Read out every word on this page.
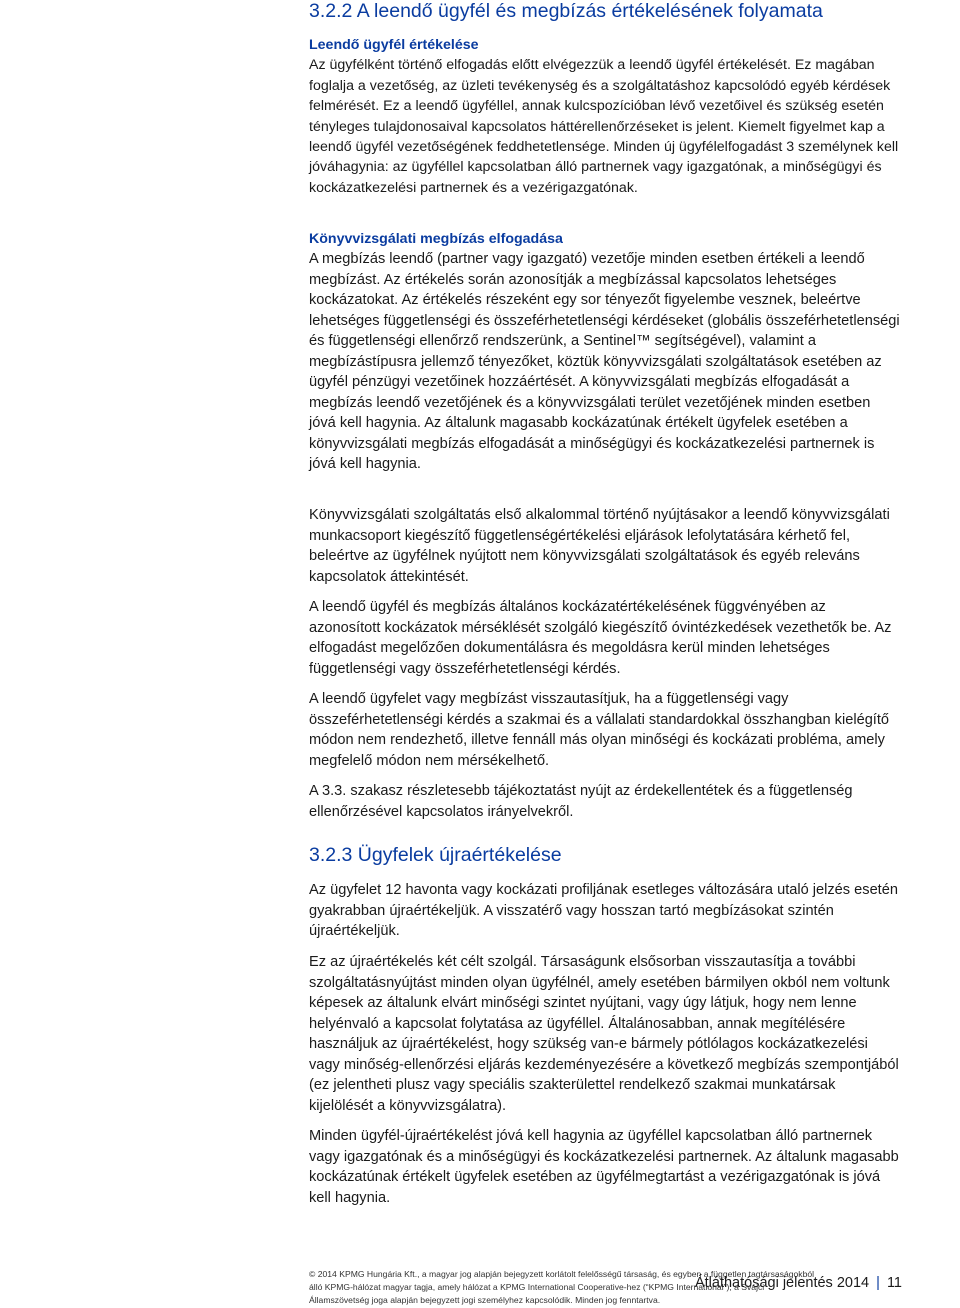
3.2.2 A leendő ügyfél és megbízás értékelésének folyamata

Leendő ügyfél értékelése

Az ügyfélként történő elfogadás előtt elvégezzük a leendő ügyfél értékelését. Ez magában foglalja a vezetőség, az üzleti tevékenység és a szolgáltatáshoz kapcsolódó egyéb kérdések felmérését. Ez a leendő ügyféllel, annak kulcspozícióban lévő vezetőivel és szükség esetén tényleges tulajdonosaival kapcsolatos háttérellenőrzéseket is jelent. Kiemelt figyelmet kap a leendő ügyfél vezetőségének feddhetetlensége. Minden új ügyfélelfogadást 3 személynek kell jóváhagynia: az ügyféllel kapcsolatban álló partnernek vagy igazgatónak, a minőségügyi és kockázatkezelési partnernek és a vezérigazgatónak.

Könyvvizsgálati megbízás elfogadása

A megbízás leendő (partner vagy igazgató) vezetője minden esetben értékeli a leendő megbízást. Az értékelés során azonosítják a megbízással kapcsolatos lehetséges kockázatokat. Az értékelés részeként egy sor tényezőt figyelembe vesznek, beleértve lehetséges függetlenségi és összeférhetetlenségi kérdéseket (globális összeférhetetlenségi és függetlenségi ellenőrző rendszerünk, a Sentinel™ segítségével), valamint a megbízástípusra jellemző tényezőket, köztük könyvvizsgálati szolgáltatások esetében az ügyfél pénzügyi vezetőinek hozzáértését. A könyvvizsgálati megbízás elfogadását a megbízás leendő vezetőjének és a könyvvizsgálati terület vezetőjének minden esetben jóvá kell hagynia. Az általunk magasabb kockázatúnak értékelt ügyfelek esetében a könyvvizsgálati megbízás elfogadását a minőségügyi és kockázatkezelési partnernek is jóvá kell hagynia.

Könyvvizsgálati szolgáltatás első alkalommal történő nyújtásakor a leendő könyvvizsgálati munkacsoport kiegészítő függetlenségértékelési eljárások lefolytatására kérhető fel, beleértve az ügyfélnek nyújtott nem könyvvizsgálati szolgáltatások és egyéb releváns kapcsolatok áttekintését.

A leendő ügyfél és megbízás általános kockázatértékelésének függvényében az azonosított kockázatok mérséklését szolgáló kiegészítő óvintézkedések vezethetők be. Az elfogadást megelőzően dokumentálásra és megoldásra kerül minden lehetséges függetlenségi vagy összeférhetetlenségi kérdés.

A leendő ügyfelet vagy megbízást visszautasítjuk, ha a függetlenségi vagy összeférhetetlenségi kérdés a szakmai és a vállalati standardokkal összhangban kielégítő módon nem rendezhető, illetve fennáll más olyan minőségi és kockázati probléma, amely megfelelő módon nem mérsékelhető.

A 3.3. szakasz részletesebb tájékoztatást nyújt az érdekellentétek és a függetlenség ellenőrzésével kapcsolatos irányelvekről.

3.2.3 Ügyfelek újraértékelése

Az ügyfelet 12 havonta vagy kockázati profiljának esetleges változására utaló jelzés esetén gyakrabban újraértékeljük. A visszatérő vagy hosszan tartó megbízásokat szintén újraértékeljük.

Ez az újraértékelés két célt szolgál. Társaságunk elsősorban visszautasítja a további szolgáltatásnyújtást minden olyan ügyfélnél, amely esetében bármilyen okból nem voltunk képesek az általunk elvárt minőségi szintet nyújtani, vagy úgy látjuk, hogy nem lenne helyénvaló a kapcsolat folytatása az ügyféllel. Általánosabban, annak megítélésére használjuk az újraértékelést, hogy szükség van-e bármely pótlólagos kockázatkezelési vagy minőség-ellenőrzési eljárás kezdeményezésére a következő megbízás szempontjából (ez jelentheti plusz vagy speciális szakterülettel rendelkező szakmai munkatársak kijelölését a könyvvizsgálatra).

Minden ügyfél-újraértékelést jóvá kell hagynia az ügyféllel kapcsolatban álló partnernek vagy igazgatónak és a minőségügyi és kockázatkezelési partnernek. Az általunk magasabb kockázatúnak értékelt ügyfelek esetében az ügyfélmegtartást a vezérigazgatónak is jóvá kell hagynia.

© 2014 KPMG Hungária Kft., a magyar jog alapján bejegyzett korlátolt felelősségű társaság, és egyben a független tagtársaságokból
álló KPMG-hálózat magyar tagja, amely hálózat a KPMG International Cooperative-hez (“KPMG International”), a Svájci
Államszövetség joga alapján bejegyzett jogi személyhez kapcsolódik. Minden jog fenntartva.
Átláthatósági jelentés 2014 | 11
